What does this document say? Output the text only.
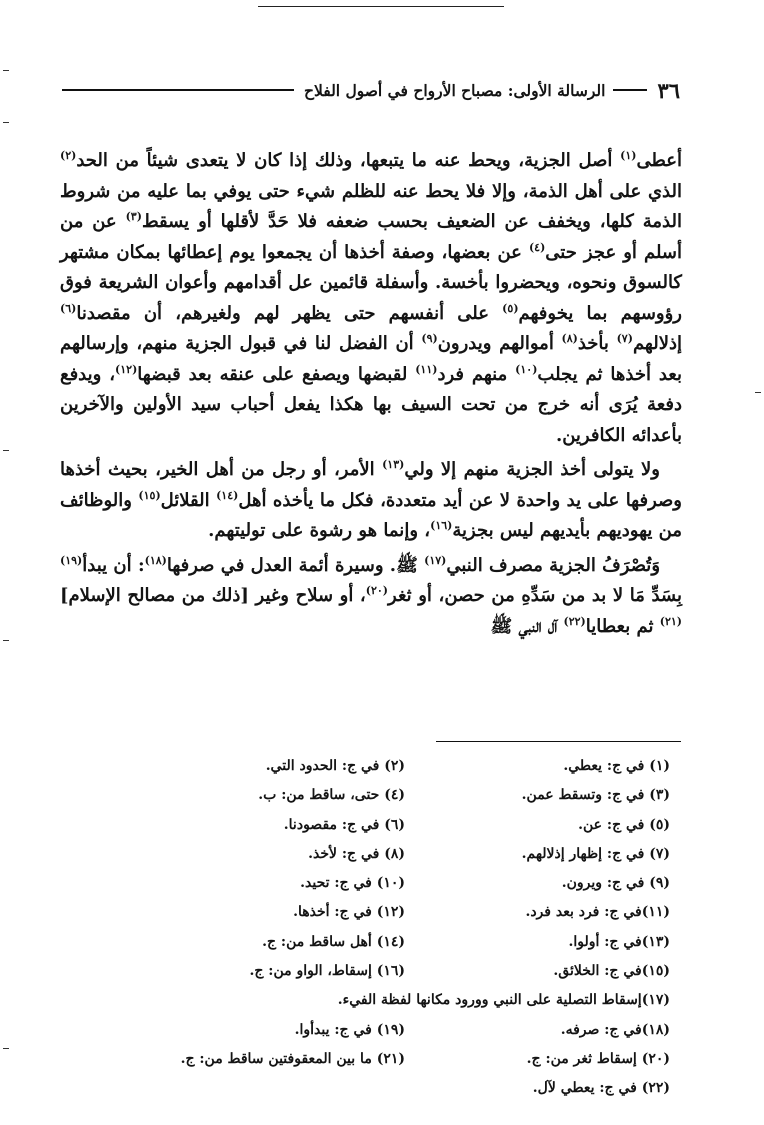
٣٦
الرسالة الأولى: مصباح الأرواح في أصول الفلاح

أعطى$^{(١)}$ أصل الجزية، ويحط عنه ما يتبعها، وذلك إذا كان لا يتعدى شيئاً من الحد$^{(٢)}$ الذي على أهل الذمة، وإلا فلا يحط عنه للظلم شيء حتى يوفي بما عليه من شروط الذمة كلها، ويخفف عن الضعيف بحسب ضعفه فلا حَدَّ لأقلها أو يسقط$^{(٣)}$ عن من أسلم أو عجز حتى$^{(٤)}$ عن بعضها، وصفة أخذها أن يجمعوا يوم إعطائها بمكان مشتهر كالسوق ونحوه، ويحضروا بأخسة. وأسفلة قائمين عل أقدامهم وأعوان الشريعة فوق رؤوسهم بما يخوفهم$^{(٥)}$ على أنفسهم حتى يظهر لهم ولغيرهم، أن مقصدنا$^{(٦)}$ إذلالهم$^{(٧)}$ بأخذ$^{(٨)}$ أموالهم ويدرون$^{(٩)}$ أن الفضل لنا في قبول الجزية منهم، وإرسالهم بعد أخذها ثم يجلب$^{(١٠)}$ منهم فرد$^{(١١)}$ لقبضها ويصفع على عنقه بعد قبضها$^{(١٢)}$، ويدفع دفعة يُرَى أنه خرج من تحت السيف بها هكذا يفعل أحباب سيد الأولين والآخرين بأعدائه الكافرين.

ولا يتولى أخذ الجزية منهم إلا ولي$^{(١٣)}$ الأمر، أو رجل من أهل الخير، بحيث أخذها وصرفها على يد واحدة لا عن أيد متعددة، فكل ما يأخذه أهل$^{(١٤)}$ القلائل$^{(١٥)}$ والوظائف من يهوديهم بأيديهم ليس بجزية$^{(١٦)}$، وإنما هو رشوة على توليتهم.

وَتُصْرَفُ الجزية مصرف النبي$^{(١٧)}$ ﷺ. وسيرة أئمة العدل في صرفها$^{(١٨)}$: أن يبدأ$^{(١٩)}$ بِسَدِّ مَا لا بد من سَدِّهِ من حصن، أو ثغر$^{(٢٠)}$، أو سلاح وغير [ذلك من مصالح الإسلام]$^{(٢١)}$ ثم بعطايا$^{(٢٢)}$ آل النبي ﷺ

(١) في ج: يعطي.
(٢) في ج: الحدود التي.
(٣) في ج: وتسقط عمن.
(٤) حتى، ساقط من: ب.
(٥) في ج: عن.
(٦) في ج: مقصودنا.
(٧) في ج: إظهار إذلالهم.
(٨) في ج: لأخذ.
(٩) في ج: ويرون.
(١٠) في ج: تحيد.
(١١)في ج: فرد بعد فرد.
(١٢) في ج: أخذها.
(١٣)في ج: أولوا.
(١٤) أهل ساقط من: ج.
(١٥)في ج: الخلائق.
(١٦) إسقاط، الواو من: ج.
(١٧)إسقاط التصلية على النبي وورود مكانها لفظة الفيء.
(١٨)في ج: صرفه.
(١٩) في ج: يبدأوا.
(٢٠) إسقاط ثغر من: ج.
(٢١) ما بين المعقوفتين ساقط من: ج.
(٢٢) في ج: يعطي لآل.
